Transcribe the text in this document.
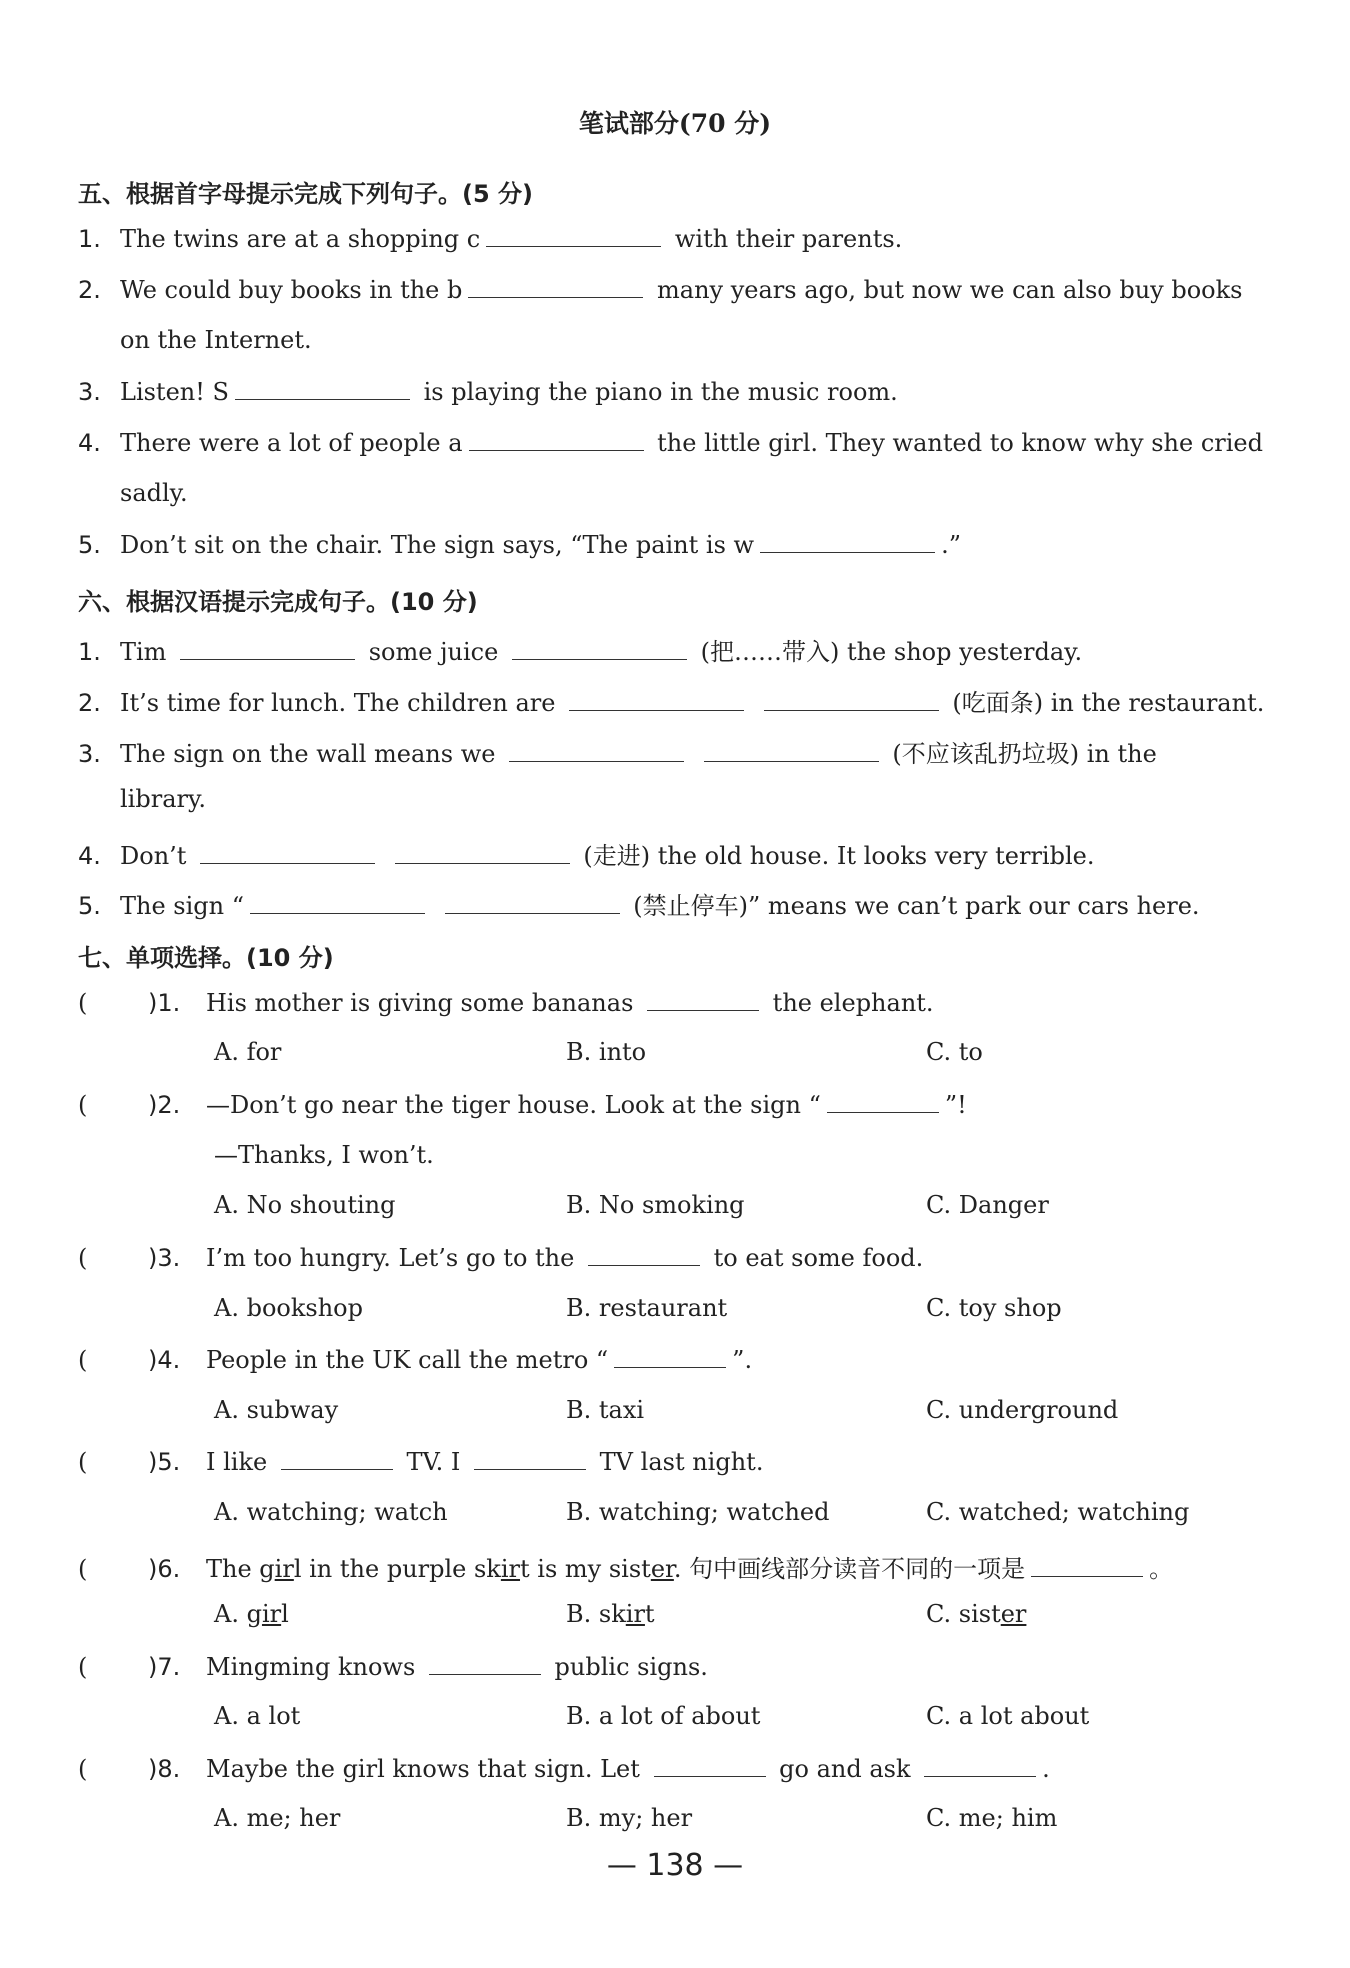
笔试部分(70 分)
五、根据首字母提示完成下列句子。(5 分)
1. The twins are at a shopping c	with their parents.
2. We could buy books in the b	many years ago, but now we can also buy books
on the Internet.
3. Listen! S	is playing the piano in the music room.
4. There were a lot of people a	the little girl. They wanted to know why she cried
sadly.
5. Don’t sit on the chair. The sign says, “The paint is w	.”
六、根据汉语提示完成句子。(10 分)
1. Tim	some juice	(把……带入) the shop yesterday.
2. It’s time for lunch. The children are	(吃面条) in the restaurant.
3. The sign on the wall means we	(不应该乱扔垃圾) in the
library.
4. Don’t	(走进) the old house. It looks very terrible.
5. The sign “	(禁止停车)” means we can’t park our cars here.
七、单项选择。(10 分)
(	)1. His mother is giving some bananas	the elephant.
A. for	B. into	C. to
(	)2. —Don’t go near the tiger house. Look at the sign “	”!
—Thanks, I won’t.
A. No shouting	B. No smoking	C. Danger
(	)3. I’m too hungry. Let’s go to the	to eat some food.
A. bookshop	B. restaurant	C. toy shop
(	)4. People in the UK call the metro “	”.
A. subway	B. taxi	C. underground
(	)5. I like	TV. I	TV last night.
A. watching; watch	B. watching; watched	C. watched; watching
(	)6. The girl in the purple skirt is my sister. 句中画线部分读音不同的一项是	。
A. girl	B. skirt	C. sister
(	)7. Mingming knows	public signs.
A. a lot	B. a lot of about	C. a lot about
(	)8. Maybe the girl knows that sign. Let	go and ask	.
A. me; her	B. my; her	C. me; him
— 138 —
